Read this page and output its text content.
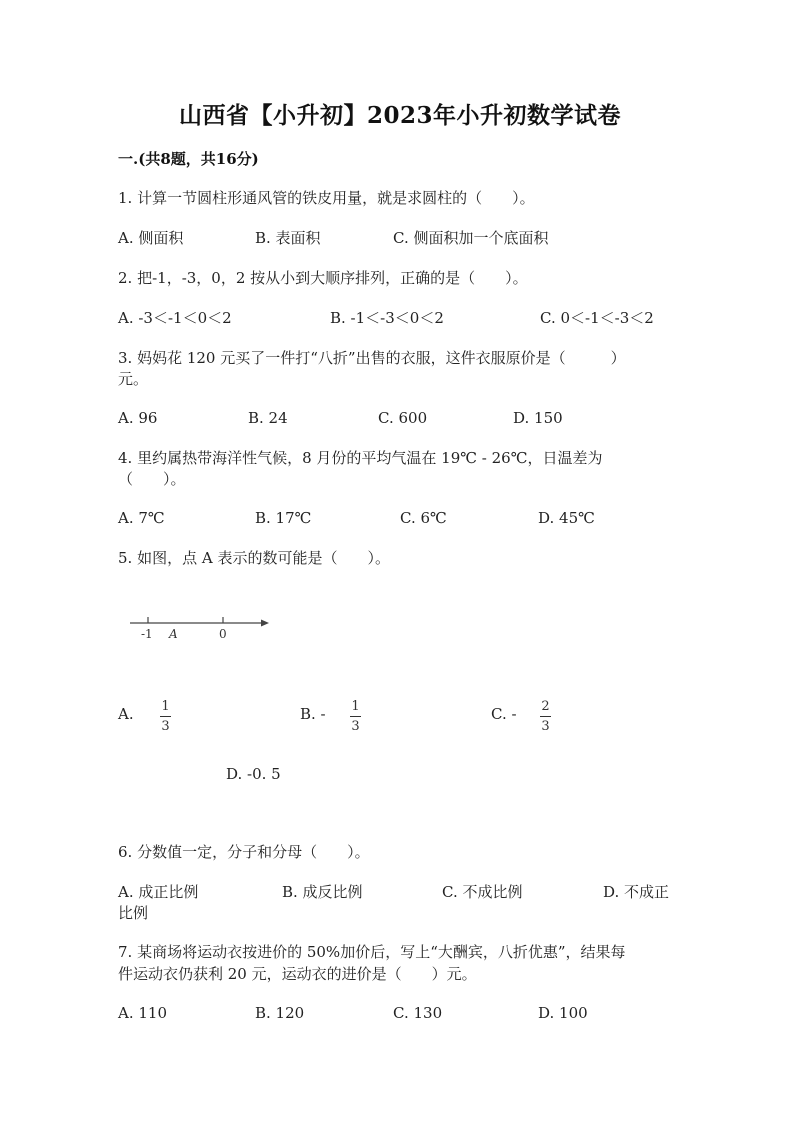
山西省【小升初】2023年小升初数学试卷
一.(共8题，共16分)
1. 计算一节圆柱形通风管的铁皮用量，就是求圆柱的（　　）。
A. 侧面积	B. 表面积	C. 侧面积加一个底面积
2. 把-1，-3，0，2 按从小到大顺序排列，正确的是（　　）。
A. -3＜-1＜0＜2	B. -1＜-3＜0＜2	C. 0＜-1＜-3＜2
3. 妈妈花 120 元买了一件打“八折”出售的衣服，这件衣服原价是（　　　）
元。
A. 96	B. 24	C. 600	D. 150
4. 里约属热带海洋性气候，8 月份的平均气温在 19℃ - 26℃，日温差为
（　　）。
A. 7℃	B. 17℃	C. 6℃	D. 45℃
5. 如图，点 A 表示的数可能是（　　）。
-1 A	0
A. 1
3
B. - 1
3
C. - 2
3
D. -0. 5
6. 分数值一定，分子和分母（　　）。
A. 成正比例	B. 成反比例	C. 不成比例	D. 不成正
比例
7. 某商场将运动衣按进价的 50%加价后，写上“大酬宾，八折优惠”，结果每
件运动衣仍获利 20 元，运动衣的进价是（　　）元。
A. 110	B. 120	C. 130	D. 100
